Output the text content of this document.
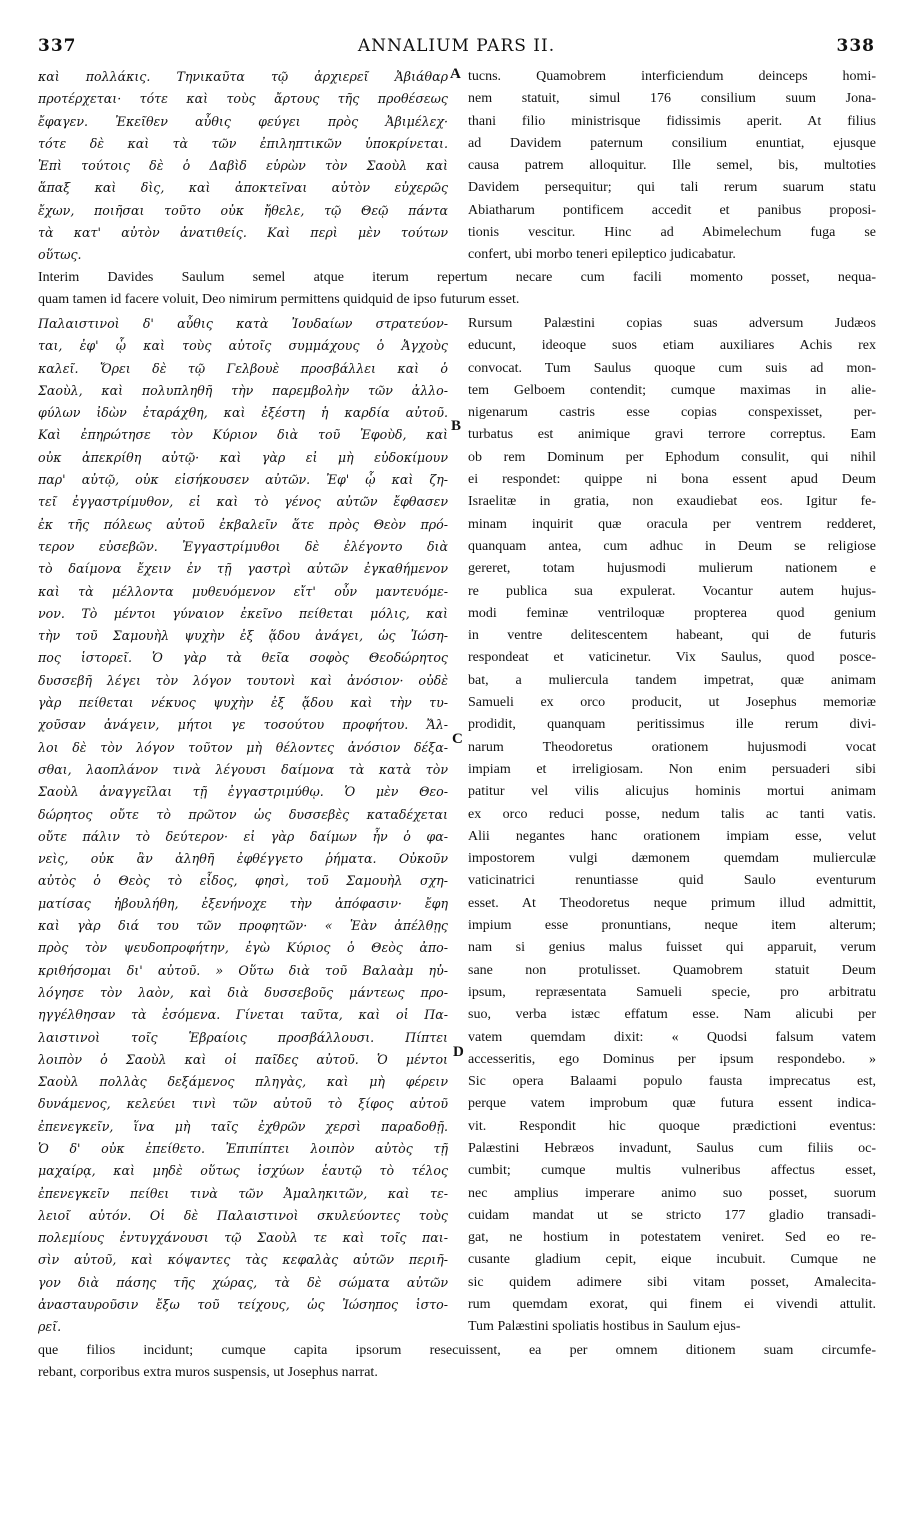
337	ANNALIUM PARS II.	338
καὶ πολλάκις. Τηνικαῦτα τῷ ἀρχιερεῖ Ἀβιάθαρ
προτέρχεται· τότε καὶ τοὺς ἄρτους τῆς προθέσεως
ἔφαγεν. Ἐκεῖθεν αὖθις φεύγει πρὸς Ἀβιμέλεχ·
τότε δὲ καὶ τὰ τῶν ἐπιληπτικῶν ὑποκρίνεται.
Ἐπὶ τούτοις δὲ ὁ Δαβὶδ εὑρὼν τὸν Σαοὺλ καὶ
ἅπαξ καὶ δὶς, καὶ ἀποκτεῖναι αὐτὸν εὐχερῶς
ἔχων, ποιῆσαι τοῦτο οὐκ ἤθελε, τῷ Θεῷ πάντα
τὰ κατ' αὐτὸν ἀνατιθείς. Καὶ περὶ μὲν τούτων
οὕτως.
tucns. Quamobrem interficiendum deinceps homi-
nem statuit, simul 176 consilium suum Jona-
thani filio ministrisque fidissimis aperit. At filius
ad Davidem paternum consilium enuntiat, ejusque
causa patrem alloquitur. Ille semel, bis, multoties
Davidem persequitur; qui tali rerum suarum statu
Abiatharum pontificem accedit et panibus proposi-
tionis vescitur. Hinc ad Abimelechum fuga se
confert, ubi morbo teneri epileptico judicabatur.
Interim Davides Saulum semel atque iterum repertum necare cum facili momento posset, nequa-
quam tamen id facere voluit, Deo nimirum permittens quidquid de ipso futurum esset.
Παλαιστινοὶ δ' αὖθις κατὰ Ἰουδαίων στρατεύον-
ται, ἐφ' ᾧ καὶ τοὺς αὐτοῖς συμμάχους ὁ Ἀγχοὺς
καλεῖ. Ὄρει δὲ τῷ Γελβουὲ προσβάλλει καὶ ὁ
Σαοὺλ, καὶ πολυπληθῆ τὴν παρεμβολὴν τῶν ἀλλο-
φύλων ἰδὼν ἐταράχθη, καὶ ἐξέστη ἡ καρδία αὐτοῦ.
Καὶ ἐπηρώτησε τὸν Κύριον διὰ τοῦ Ἐφοὺδ, καὶ
οὐκ ἀπεκρίθη αὐτῷ· καὶ γὰρ εἰ μὴ εὐδοκίμουν
παρ' αὐτῷ, οὐκ εἰσήκουσεν αὐτῶν. Ἐφ' ᾧ καὶ ζη-
τεῖ ἐγγαστρίμυθον, εἰ καὶ τὸ γένος αὐτῶν ἔφθασεν
ἐκ τῆς πόλεως αὐτοῦ ἐκβαλεῖν ἅτε πρὸς Θεὸν πρό-
τερον εὐσεβῶν. Ἐγγαστρίμυθοι δὲ ἐλέγοντο διὰ
τὸ δαίμονα ἔχειν ἐν τῇ γαστρὶ αὐτῶν ἐγκαθήμενον
καὶ τὰ μέλλοντα μυθευόμενον εἴτ' οὖν μαντευόμε-
νον. Τὸ μέντοι γύναιον ἐκεῖνο πείθεται μόλις, καὶ
τὴν τοῦ Σαμουὴλ ψυχὴν ἐξ ᾅδου ἀνάγει, ὡς Ἰώση-
πος ἱστορεῖ. Ὁ γὰρ τὰ θεῖα σοφὸς Θεοδώρητος
δυσσεβῆ λέγει τὸν λόγον τουτονὶ καὶ ἀνόσιον· οὐδὲ
γὰρ πείθεται νέκυος ψυχὴν ἐξ ᾅδου καὶ τὴν τυ-
χοῦσαν ἀνάγειν, μήτοι γε τοσούτου προφήτου. Ἄλ-
λοι δὲ τὸν λόγον τοῦτον μὴ θέλοντες ἀνόσιον δέξα-
σθαι, λαοπλάνον τινὰ λέγουσι δαίμονα τὰ κατὰ τὸν
Σαοὺλ ἀναγγεῖλαι τῇ ἐγγαστριμύθῳ. Ὁ μὲν Θεο-
δώρητος οὔτε τὸ πρῶτον ὡς δυσσεβὲς καταδέχεται
οὔτε πάλιν τὸ δεύτερον· εἰ γὰρ δαίμων ἦν ὁ φα-
νεὶς, οὐκ ἂν ἀληθῆ ἐφθέγγετο ῥήματα. Οὐκοῦν
αὐτὸς ὁ Θεὸς τὸ εἶδος, φησὶ, τοῦ Σαμουὴλ σχη-
ματίσας ἠβουλήθη, ἐξενήνοχε τὴν ἀπόφασιν· ἔφη
καὶ γὰρ διά του τῶν προφητῶν· « Ἐὰν ἀπέλθῃς
πρὸς τὸν ψευδοπροφήτην, ἐγὼ Κύριος ὁ Θεὸς ἀπο-
κριθήσομαι δι' αὐτοῦ. » Οὕτω διὰ τοῦ Βαλαὰμ ηὐ-
λόγησε τὸν λαὸν, καὶ διὰ δυσσεβοῦς μάντεως προ-
ηγγέλθησαν τὰ ἐσόμενα. Γίνεται ταῦτα, καὶ οἱ Πα-
λαιστινοὶ τοῖς Ἑβραίοις προσβάλλουσι. Πίπτει
λοιπὸν ὁ Σαοὺλ καὶ οἱ παῖδες αὐτοῦ. Ὁ μέντοι
Σαοὺλ πολλὰς δεξάμενος πληγὰς, καὶ μὴ φέρειν
δυνάμενος, κελεύει τινὶ τῶν αὐτοῦ τὸ ξίφος αὐτοῦ
ἐπενεγκεῖν, ἵνα μὴ ταῖς ἐχθρῶν χερσὶ παραδοθῇ.
Ὁ δ' οὐκ ἐπείθετο. Ἐπιπίπτει λοιπὸν αὐτὸς τῇ
μαχαίρᾳ, καὶ μηδὲ οὕτως ἰσχύων ἑαυτῷ τὸ τέλος
ἐπενεγκεῖν πείθει τινὰ τῶν Ἀμαληκιτῶν, καὶ τε-
λειοῖ αὐτόν. Οἱ δὲ Παλαιστινοὶ σκυλεύοντες τοὺς
πολεμίους ἐντυγχάνουσι τῷ Σαοὺλ τε καὶ τοῖς παι-
σὶν αὐτοῦ, καὶ κόψαντες τὰς κεφαλὰς αὐτῶν περιῆ-
γον διὰ πάσης τῆς χώρας, τὰ δὲ σώματα αὐτῶν
ἀνασταυροῦσιν ἔξω τοῦ τείχους, ὡς Ἰώσηπος ἱστο-
ρεῖ.
Rursum Palæstini copias suas adversum Judæos
educunt, ideoque suos etiam auxiliares Achis rex
convocat. Tum Saulus quoque cum suis ad mon-
tem Gelboem contendit; cumque maximas in alie-
nigenarum castris esse copias conspexisset, per-
turbatus est animique gravi terrore correptus. Eam
ob rem Dominum per Ephodum consulit, qui nihil
ei respondet: quippe ni bona essent apud Deum
Israelitæ in gratia, non exaudiebat eos. Igitur fe-
minam inquirit quæ oracula per ventrem redderet,
quanquam antea, cum adhuc in Deum se religiose
gereret, totam hujusmodi mulierum nationem e
re publica sua expulerat. Vocantur autem hujus-
modi feminæ ventriloquæ propterea quod genium
in ventre delitescentem habeant, qui de futuris
respondeat et vaticinetur. Vix Saulus, quod posce-
bat, a muliercula tandem impetrat, quæ animam
Samueli ex orco producit, ut Josephus memoriæ
prodidit, quanquam peritissimus ille rerum divi-
narum Theodoretus orationem hujusmodi vocat
impiam et irreligiosam. Non enim persuaderi sibi
patitur vel vilis alicujus hominis mortui animam
ex orco reduci posse, nedum talis ac tanti vatis.
Alii negantes hanc orationem impiam esse, velut
impostorem vulgi dæmonem quemdam mulierculæ
vaticinatrici renuntiasse quid Saulo eventurum
esset. At Theodoretus neque primum illud admittit,
impium esse pronuntians, neque item alterum;
nam si genius malus fuisset qui apparuit, verum
sane non protulisset. Quamobrem statuit Deum
ipsum, repræsentata Samueli specie, pro arbitratu
suo, verba istæc effatum esse. Nam alicubi per
vatem quemdam dixit: « Quodsi falsum vatem
accesseritis, ego Dominus per ipsum respondebo. »
Sic opera Balaami populo fausta imprecatus est,
perque vatem improbum quæ futura essent indica-
vit. Respondit hic quoque prædictioni eventus:
Palæstini Hebræos invadunt, Saulus cum filiis oc-
cumbit; cumque multis vulneribus affectus esset,
nec amplius imperare animo suo posset, suorum
cuidam mandat ut se stricto 177 gladio transadi-
gat, ne hostium in potestatem veniret. Sed eo re-
cusante gladium cepit, eique incubuit. Cumque ne
sic quidem adimere sibi vitam posset, Amalecita-
rum quemdam exorat, qui finem ei vivendi attulit.
Tum Palæstini spoliatis hostibus in Saulum ejus-
que filios incidunt; cumque capita ipsorum resecuissent, ea per omnem ditionem suam circumfe-
rebant, corporibus extra muros suspensis, ut Josephus narrat.
A
B
C
D
